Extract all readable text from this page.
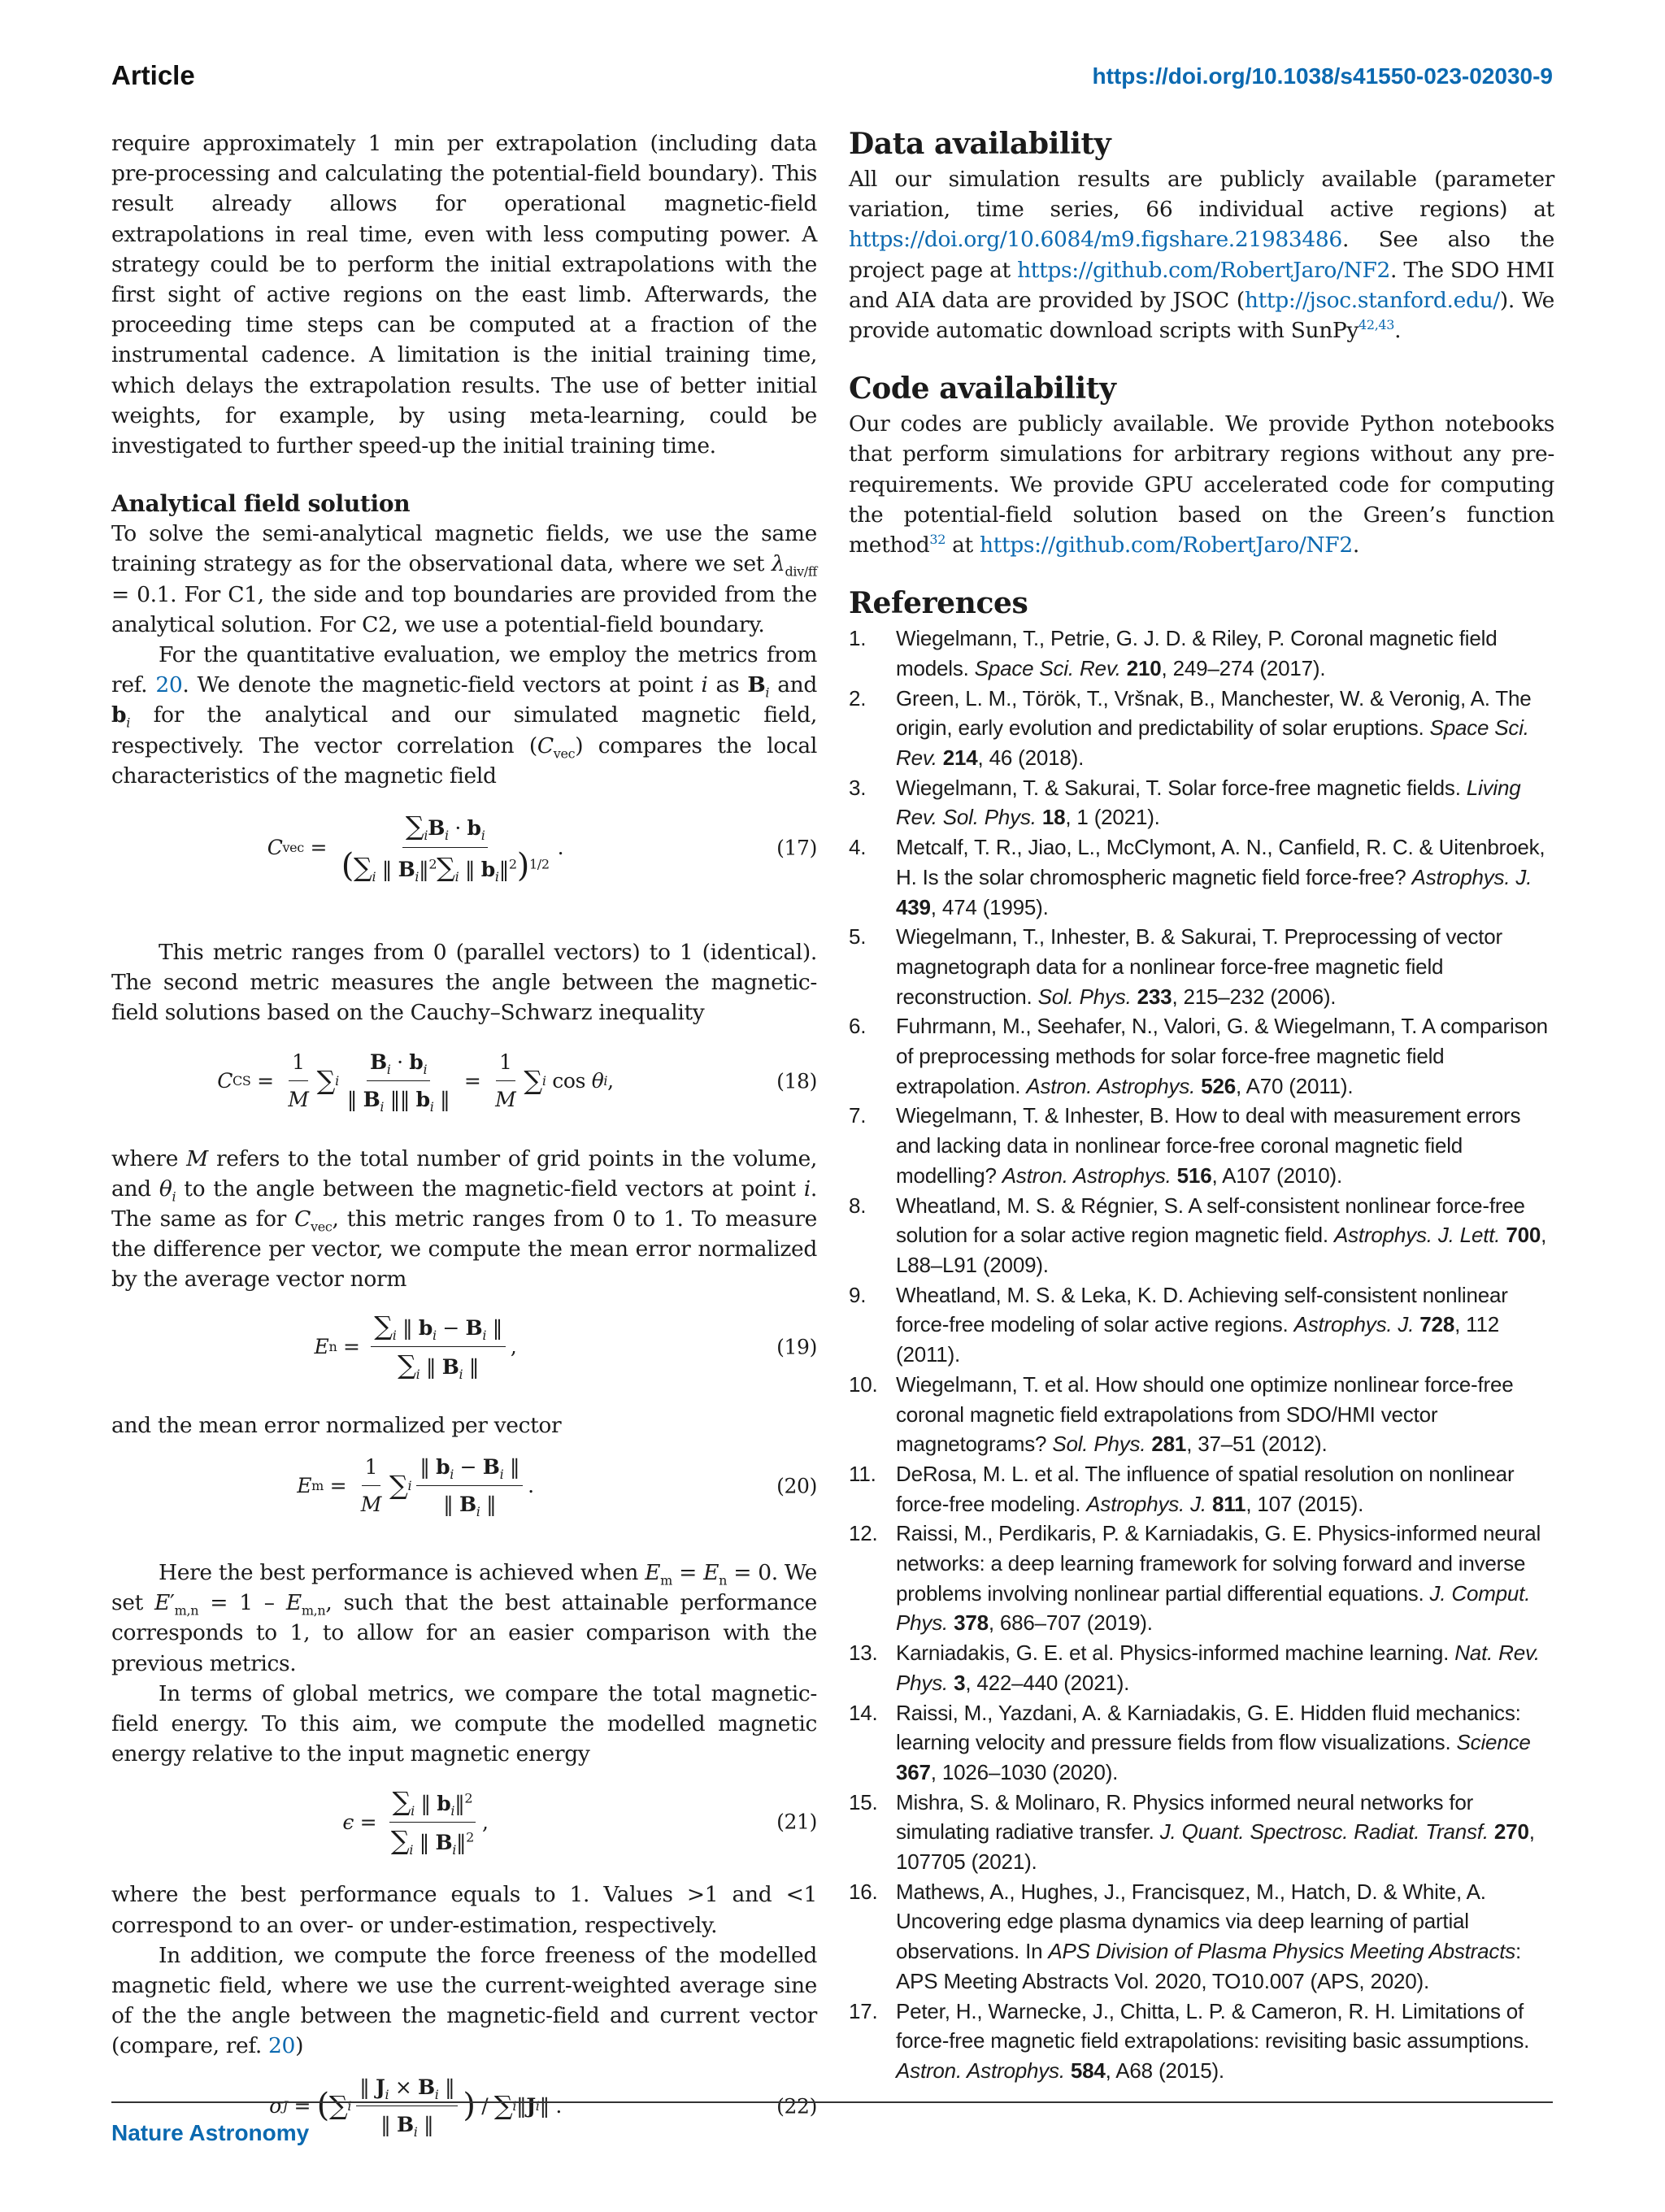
Article	https://doi.org/10.1038/s41550-023-02030-9

require approximately 1 min per extrapolation (including data pre-processing and calculating the potential-field boundary). This result already allows for operational magnetic-field extrapolations in real time, even with less computing power. A strategy could be to perform the initial extrapolations with the first sight of active regions on the east limb. Afterwards, the proceeding time steps can be computed at a fraction of the instrumental cadence. A limitation is the initial training time, which delays the extrapolation results. The use of better initial weights, for example, by using meta-learning, could be investigated to further speed-up the initial training time.

Analytical field solution

To solve the semi-analytical magnetic fields, we use the same training strategy as for the observational data, where we set $\lambda_{div/ff} = 0.1$. For C1, the side and top boundaries are provided from the analytical solution. For C2, we use a potential-field boundary.

For the quantitative evaluation, we employ the metrics from ref. 20. We denote the magnetic-field vectors at point i as $B_i$ and $b_i$ for the analytical and our simulated magnetic field, respectively. The vector correlation $(C_{vec})$ compares the local characteristics of the magnetic field

C vec = $\frac{\sum_iB_i \cdot b_i}{(\sum_i ‖ B_i‖^2\sum_i ‖ b_i‖^2)^{1/2}}$ .	(17)

This metric ranges from 0 (parallel vectors) to 1 (identical). The second metric measures the angle between the magnetic-field solutions based on the Cauchy–Schwarz inequality

C CS = $\frac{1}{M}$ ∑ i $\frac{B_i \cdot b_i}{‖ B_i ‖‖ b_i ‖} = \frac{1}{M}$ ∑ i cos θ i ,	(18)

where M refers to the total number of grid points in the volume, and $\theta_i$ to the angle between the magnetic-field vectors at point i. The same as for $C_{vec}$, this metric ranges from 0 to 1. To measure the difference per vector, we compute the mean error normalized by the average vector norm

E $n = \frac{\sum_i ‖ b_i - B_i ‖}{\sum_i ‖ B_i ‖}$ ,	(19)

and the mean error normalized per vector

E $m = \frac{1}{M}$ ∑ i $\frac{‖ b_i - B_i ‖}{‖ B_i ‖}$ .	(20)

Here the best performance is achieved when $E_m = E_n = 0$. We set $E'_{m,n} = 1 - E_{m,n}$, such that the best attainable performance corresponds to 1, to allow for an easier comparison with the previous metrics.

In terms of global metrics, we compare the total magnetic-field energy. To this aim, we compute the modelled magnetic energy relative to the input magnetic energy

$\epsilon = \frac{\sum_i ‖ b_i‖^2}{\sum_i ‖ B_i‖^2}$ ,	(21)

where the best performance equals to 1. Values >1 and <1 correspond to an over- or under-estimation, respectively.

In addition, we compute the force freeness of the modelled magnetic field, where we use the current-weighted average sine of the the angle between the magnetic-field and current vector (compare, ref. 20)

σ J = ( ∑ i $\frac{‖ J_i \times B_i ‖}{‖ B_i ‖}$ ) / ∑ i ‖ J i ‖ .	(22)
Data availability

All our simulation results are publicly available (parameter variation, time series, 66 individual active regions) at https://doi.org/10.6084/m9.figshare.21983486. See also the project page at https://github.com/RobertJaro/NF2. The SDO HMI and AIA data are provided by JSOC (http://jsoc.stanford.edu/). We provide automatic download scripts with SunPy$^{42,43}$.

Code availability

Our codes are publicly available. We provide Python notebooks that perform simulations for arbitrary regions without any pre-requirements. We provide GPU accelerated code for computing the potential-field solution based on the Green’s function method$^{32}$ at https://github.com/RobertJaro/NF2.

References
1. Wiegelmann, T., Petrie, G. J. D. & Riley, P. Coronal magnetic field models. Space Sci. Rev. 210, 249–274 (2017).
2. Green, L. M., Török, T., Vršnak, B., Manchester, W. & Veronig, A. The origin, early evolution and predictability of solar eruptions. Space Sci. Rev. 214, 46 (2018).
3. Wiegelmann, T. & Sakurai, T. Solar force-free magnetic fields. Living Rev. Sol. Phys. 18, 1 (2021).
4. Metcalf, T. R., Jiao, L., McClymont, A. N., Canfield, R. C. & Uitenbroek, H. Is the solar chromospheric magnetic field force-free? Astrophys. J. 439, 474 (1995).
5. Wiegelmann, T., Inhester, B. & Sakurai, T. Preprocessing of vector magnetograph data for a nonlinear force-free magnetic field reconstruction. Sol. Phys. 233, 215–232 (2006).
6. Fuhrmann, M., Seehafer, N., Valori, G. & Wiegelmann, T. A comparison of preprocessing methods for solar force-free magnetic field extrapolation. Astron. Astrophys. 526, A70 (2011).
7. Wiegelmann, T. & Inhester, B. How to deal with measurement errors and lacking data in nonlinear force-free coronal magnetic field modelling? Astron. Astrophys. 516, A107 (2010).
8. Wheatland, M. S. & Régnier, S. A self-consistent nonlinear force-free solution for a solar active region magnetic field. Astrophys. J. Lett. 700, L88–L91 (2009).
9. Wheatland, M. S. & Leka, K. D. Achieving self-consistent nonlinear force-free modeling of solar active regions. Astrophys. J. 728, 112 (2011).
10. Wiegelmann, T. et al. How should one optimize nonlinear force-free coronal magnetic field extrapolations from SDO/HMI vector magnetograms? Sol. Phys. 281, 37–51 (2012).
11. DeRosa, M. L. et al. The influence of spatial resolution on nonlinear force-free modeling. Astrophys. J. 811, 107 (2015).
12. Raissi, M., Perdikaris, P. & Karniadakis, G. E. Physics-informed neural networks: a deep learning framework for solving forward and inverse problems involving nonlinear partial differential equations. J. Comput. Phys. 378, 686–707 (2019).
13. Karniadakis, G. E. et al. Physics-informed machine learning. Nat. Rev. Phys. 3, 422–440 (2021).
14. Raissi, M., Yazdani, A. & Karniadakis, G. E. Hidden fluid mechanics: learning velocity and pressure fields from flow visualizations. Science 367, 1026–1030 (2020).
15. Mishra, S. & Molinaro, R. Physics informed neural networks for simulating radiative transfer. J. Quant. Spectrosc. Radiat. Transf. 270, 107705 (2021).
16. Mathews, A., Hughes, J., Francisquez, M., Hatch, D. & White, A. Uncovering edge plasma dynamics via deep learning of partial observations. In APS Division of Plasma Physics Meeting Abstracts: APS Meeting Abstracts Vol. 2020, TO10.007 (APS, 2020).
17. Peter, H., Warnecke, J., Chitta, L. P. & Cameron, R. H. Limitations of force-free magnetic field extrapolations: revisiting basic assumptions. Astron. Astrophys. 584, A68 (2015).
Nature Astronomy
